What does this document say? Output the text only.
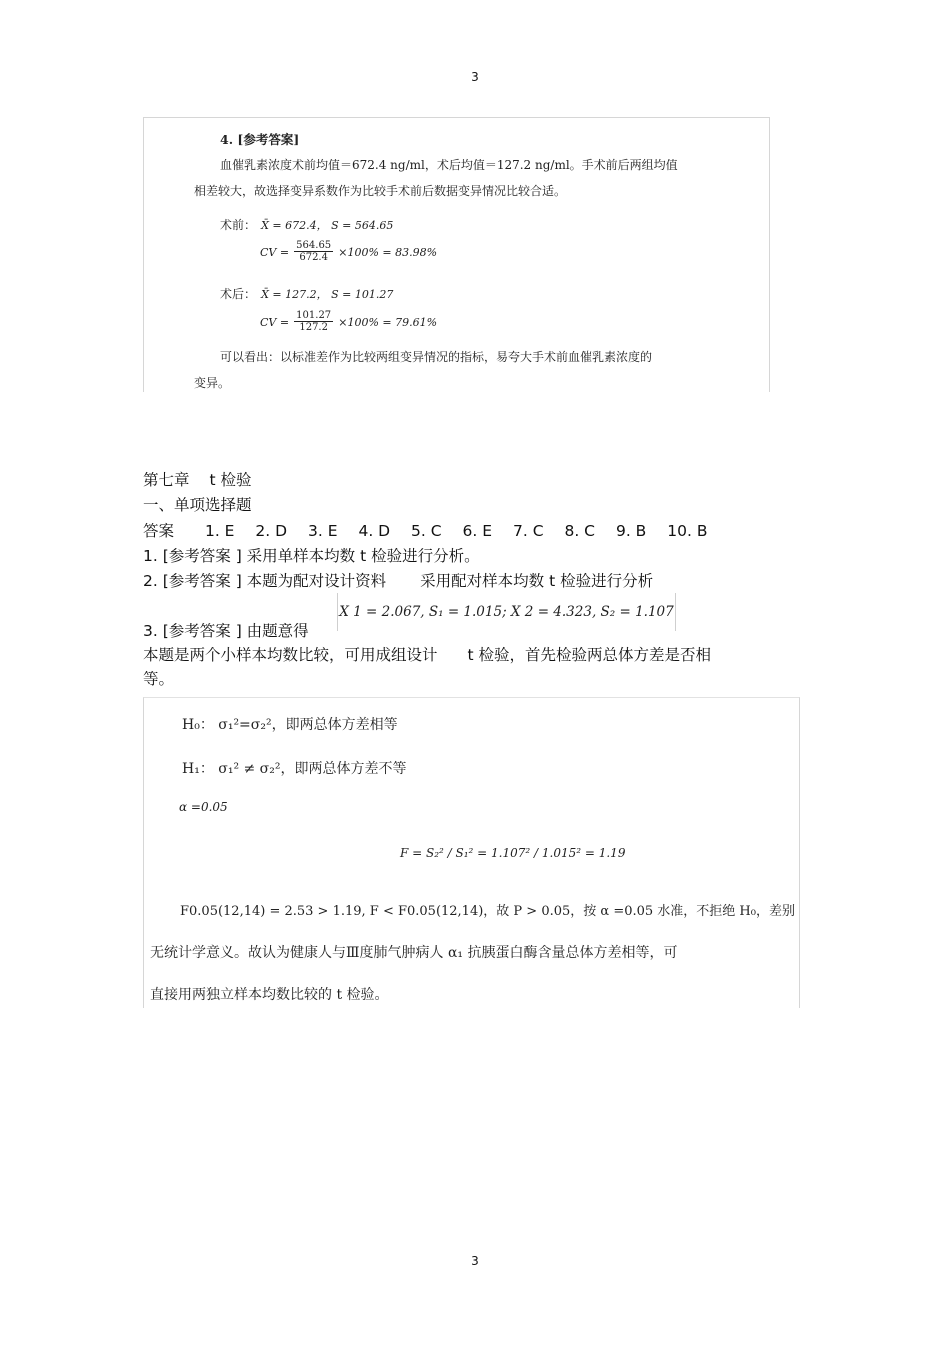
3
4. [参考答案]
血催乳素浓度术前均值＝672.4 ng/ml，术后均值＝127.2 ng/ml。手术前后两组均值
相差较大，故选择变异系数作为比较手术前后数据变异情况比较合适。
术前： X̄ = 672.4， S = 564.65
CV = $\frac{564.65}{672.4} \times 100\% = 83.98\%$
术后： X̄ = 127.2， S = 101.27
CV = $\frac{101.27}{127.2} \times 100\% = 79.61\%$
可以看出：以标准差作为比较两组变异情况的指标，易夸大手术前血催乳素浓度的
变异。
第七章 t 检验
一、单项选择题
答案 1. E 2. D 3. E 4. D 5. C 6. E 7. C 8. C 9. B 10. B
1. [参考答案 ] 采用单样本均数 t 检验进行分析。
2. [参考答案 ] 本题为配对设计资料 采用配对样本均数 t 检验进行分析
3. [参考答案 ] 由题意得
X 1 = 2.067, S₁ = 1.015; X 2 = 4.323, S₂ = 1.107
本题是两个小样本均数比较，可用成组设计 t 检验，首先检验两总体方差是否相
等。
H₀： σ₁²=σ₂²，即两总体方差相等
H₁： σ₁² ≠ σ₂²，即两总体方差不等
α =0.05
F = S₂² / S₁² = 1.107² / 1.015² = 1.19
F0.05(12,14) = 2.53 > 1.19, F < F0.05(12,14)，故 P > 0.05，按 α =0.05 水准，不拒绝 H₀，差别
无统计学意义。故认为健康人与Ⅲ度肺气肿病人 α₁ 抗胰蛋白酶含量总体方差相等，可
直接用两独立样本均数比较的 t 检验。
3
